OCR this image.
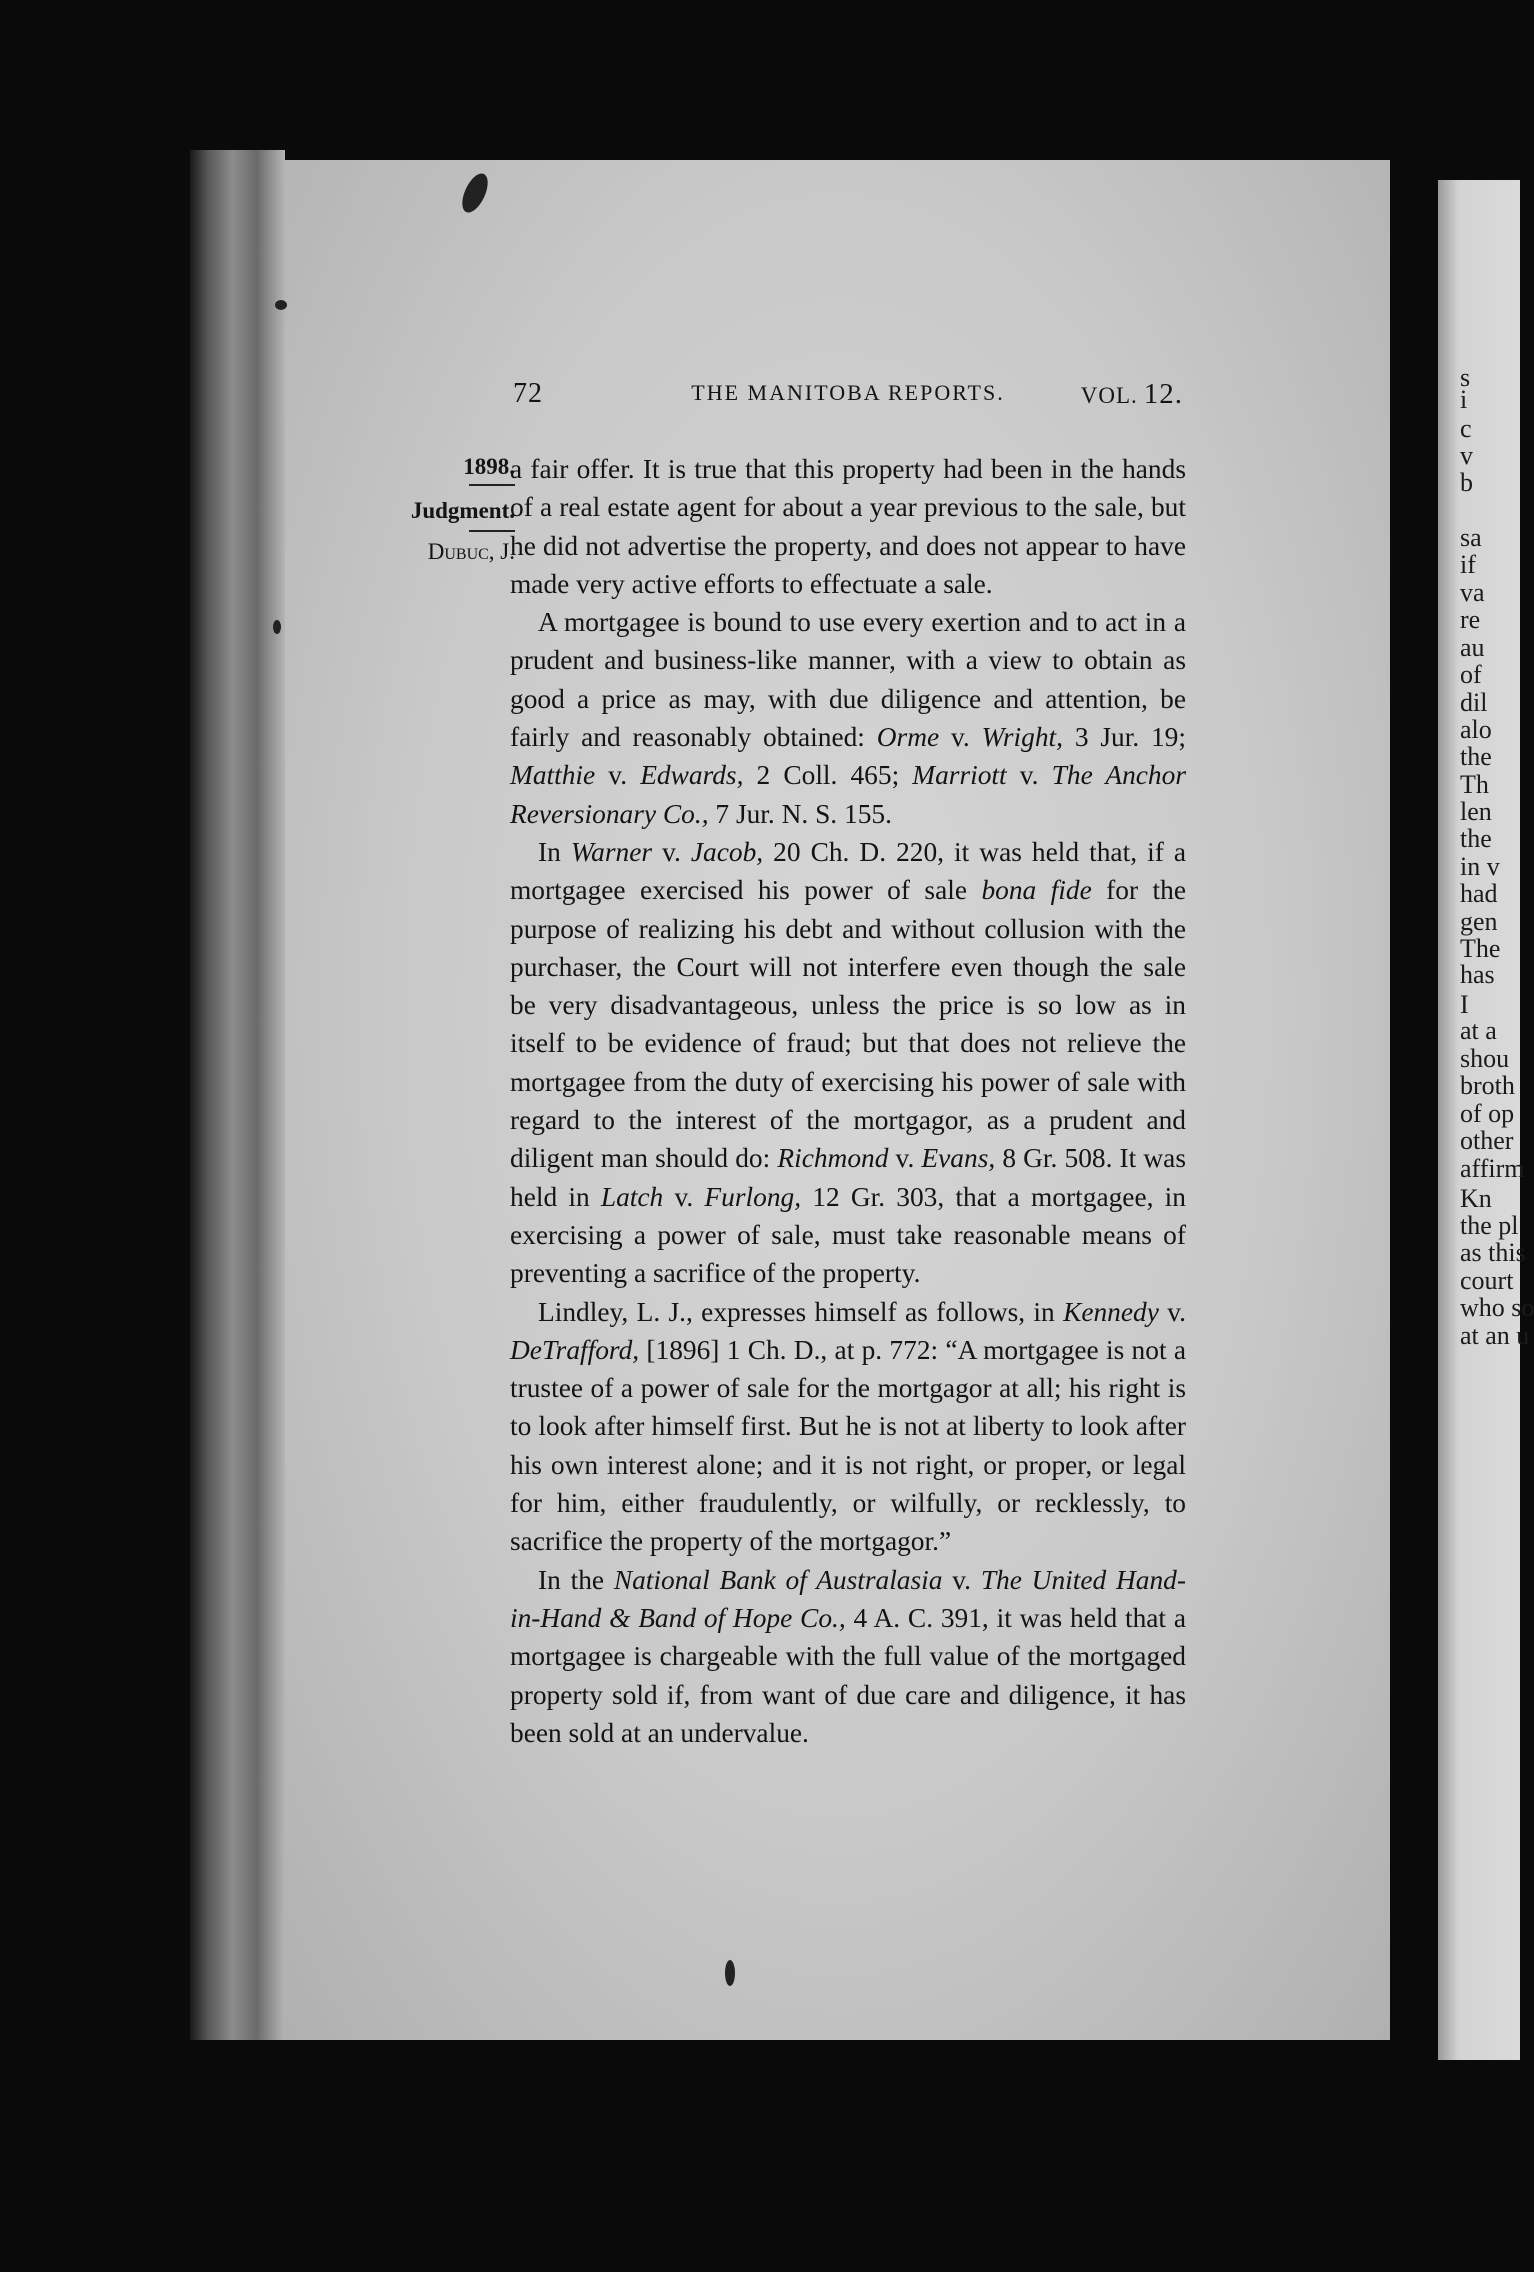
72	THE MANITOBA REPORTS.	VOL. 12.
1898.
Judgment.
Dubuc, J.

a fair offer. It is true that this property had been in the hands of a real estate agent for about a year previous to the sale, but he did not advertise the property, and does not appear to have made very active efforts to effectuate a sale.

A mortgagee is bound to use every exertion and to act in a prudent and business-like manner, with a view to obtain as good a price as may, with due diligence and attention, be fairly and reasonably obtained: Orme v. Wright, 3 Jur. 19; Matthie v. Edwards, 2 Coll. 465; Marriott v. The Anchor Reversionary Co., 7 Jur. N. S. 155.

In Warner v. Jacob, 20 Ch. D. 220, it was held that, if a mortgagee exercised his power of sale bona fide for the purpose of realizing his debt and without collusion with the purchaser, the Court will not interfere even though the sale be very disadvantageous, unless the price is so low as in itself to be evidence of fraud; but that does not relieve the mortgagee from the duty of exercising his power of sale with regard to the interest of the mortgagor, as a prudent and diligent man should do: Richmond v. Evans, 8 Gr. 508. It was held in Latch v. Furlong, 12 Gr. 303, that a mortgagee, in exercising a power of sale, must take reasonable means of preventing a sacrifice of the property.

Lindley, L. J., expresses himself as follows, in Kennedy v. DeTrafford, [1896] 1 Ch. D., at p. 772: “A mortgagee is not a trustee of a power of sale for the mortgagor at all; his right is to look after himself first. But he is not at liberty to look after his own interest alone; and it is not right, or proper, or legal for him, either fraudulently, or wilfully, or recklessly, to sacrifice the property of the mortgagor.”

In the National Bank of Australasia v. The United Hand-in-Hand & Band of Hope Co., 4 A. C. 391, it was held that a mortgagee is chargeable with the full value of the mortgaged property sold if, from want of due care and diligence, it has been sold at an undervalue.

s
i
c
v
b
sa
if
va
re
au
of
dil
alo
the
Th
len
the
in v
had
gen
The
has
I
at a
shou
broth
of op
other
affirm
Kn
the pl
as this
court
who so
at an u
